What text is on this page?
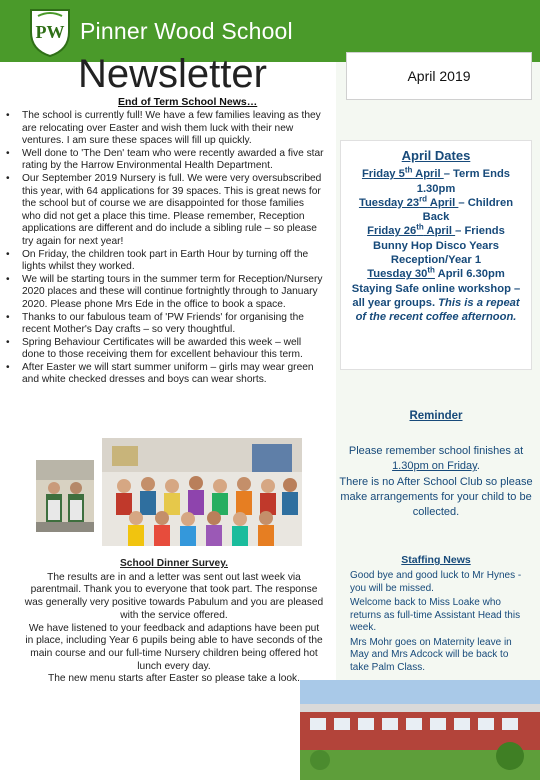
PW Pinner Wood School
Newsletter	April 2019
End of Term School News…
• The school is currently full! We have a few families leaving as they are relocating over Easter and wish them luck with their new ventures. I am sure these spaces will fill up quickly.
• Well done to 'The Den' team who were recently awarded a five star rating by the Harrow Environmental Health Department.
• Our September 2019 Nursery is full. We were very oversubscribed this year, with 64 applications for 39 spaces. This is great news for the school but of course we are disappointed for those families who did not get a place this time. Please remember, Reception applications are different and do include a sibling rule – so please try again for next year!
• On Friday, the children took part in Earth Hour by turning off the lights whilst they worked.
• We will be starting tours in the summer term for Reception/Nursery 2020 places and these will continue fortnightly through to January 2020. Please phone Mrs Ede in the office to book a space.
• Thanks to our fabulous team of 'PW Friends' for organising the recent Mother's Day crafts – so very thoughtful.
• Spring Behaviour Certificates will be awarded this week – well done to those receiving them for excellent behaviour this term.
• After Easter we will start summer uniform – girls may wear green and white checked dresses and boys can wear shorts.
School Dinner Survey.

The results are in and a letter was sent out last week via parentmail. Thank you to everyone that took part. The response was generally very positive towards Pabulum and you are pleased with the service offered.

We have listened to your feedback and adaptions have been put in place, including Year 6 pupils being able to have seconds of the main course and our full-time Nursery children being offered hot lunch every day.

The new menu starts after Easter so please take a look.

April Dates
Friday 5th April – Term Ends 1.30pm
Tuesday 23rd April – Children Back
Friday 26th April – Friends Bunny Hop Disco Years Reception/Year 1
Tuesday 30th April 6.30pm Staying Safe online workshop – all year groups. This is a repeat of the recent coffee afternoon.
Reminder

Please remember school finishes at 1.30pm on Friday.

There is no After School Club so please make arrangements for your child to be collected.

Staffing News

Good bye and good luck to Mr Hynes - you will be missed.

Welcome back to Miss Loake who returns as full-time Assistant Head this week.

Mrs Mohr goes on Maternity leave in May and Mrs Adcock will be back to take Palm Class.
